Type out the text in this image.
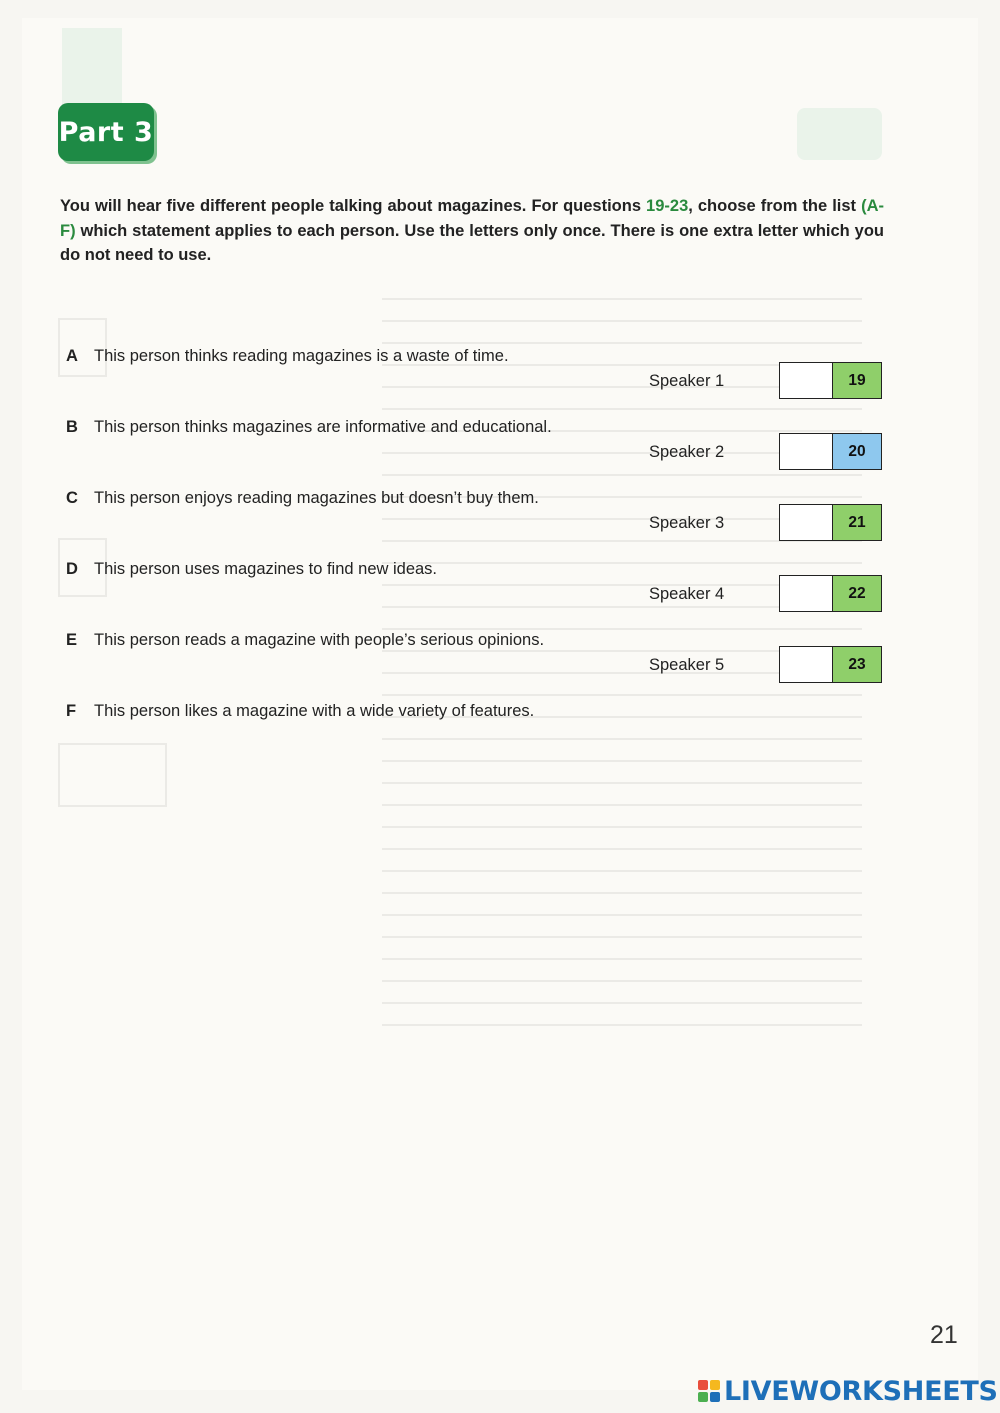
Part 3
You will hear five different people talking about magazines. For questions 19-23, choose from the list (A-F) which statement applies to each person. Use the letters only once. There is one extra letter which you do not need to use.
A This person thinks reading magazines is a waste of time.
B This person thinks magazines are informative and educational.
C This person enjoys reading magazines but doesn’t buy them.
D This person uses magazines to find new ideas.
E This person reads a magazine with people’s serious opinions.
F This person likes a magazine with a wide variety of features.
Speaker 1	19
Speaker 2	20
Speaker 3	21
Speaker 4	22
Speaker 5	23
21
LIVEWORKSHEETS
